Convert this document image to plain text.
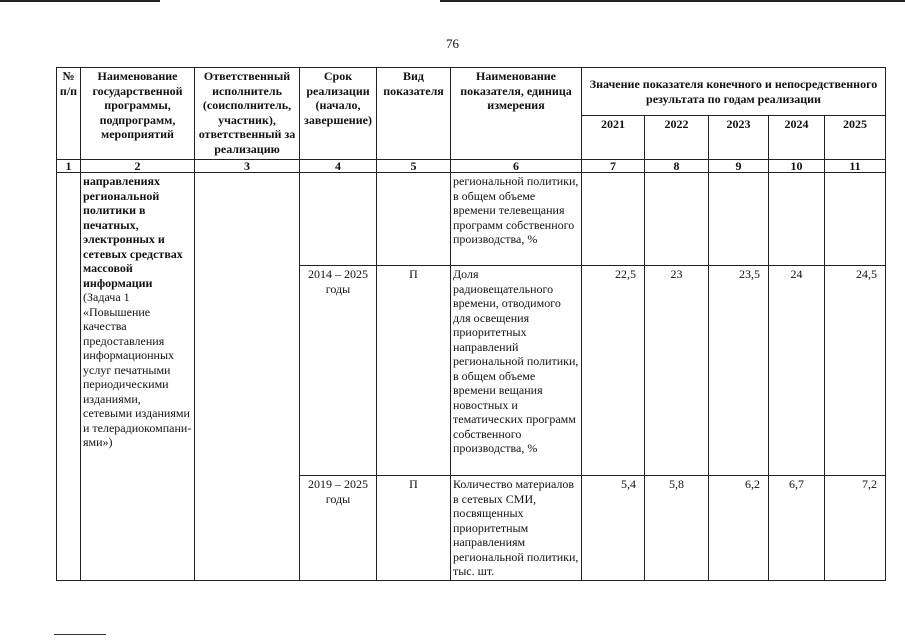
76
№ п/п	Наименование государственной программы, подпрограмм, мероприятий	Ответственный исполнитель (соисполнитель, участник), ответственный за реализацию	Срок реализации (начало, завершение)	Вид показателя	Наименование показателя, единица измерения	Значение показателя конечного и непосредственного результата по годам реализации				
						2021	2022	2023	2024	2025
1	2	3	4	5	6	7	8	9	10	11
	направлениях региональной политики в печатных, электронных и сетевых средствах массовой информации (Задача 1 «Повышение качества предоставления информационных услуг печатными периодическими изданиями, сетевыми изданиями и телерадиокомпани-ями»)				региональной политики, в общем объеме времени телевещания программ собственного производства, %					
			2014 – 2025 годы	П	Доля радиовещательного времени, отводимого для освещения приоритетных направлений региональной политики, в общем объеме времени вещания новостных и тематических программ собственного производства, %	22,5	23	23,5	24	24,5
			2019 – 2025 годы	П	Количество материалов в сетевых СМИ, посвященных приоритетным направлениям региональной политики, тыс. шт.	5,4	5,8	6,2	6,7	7,2
